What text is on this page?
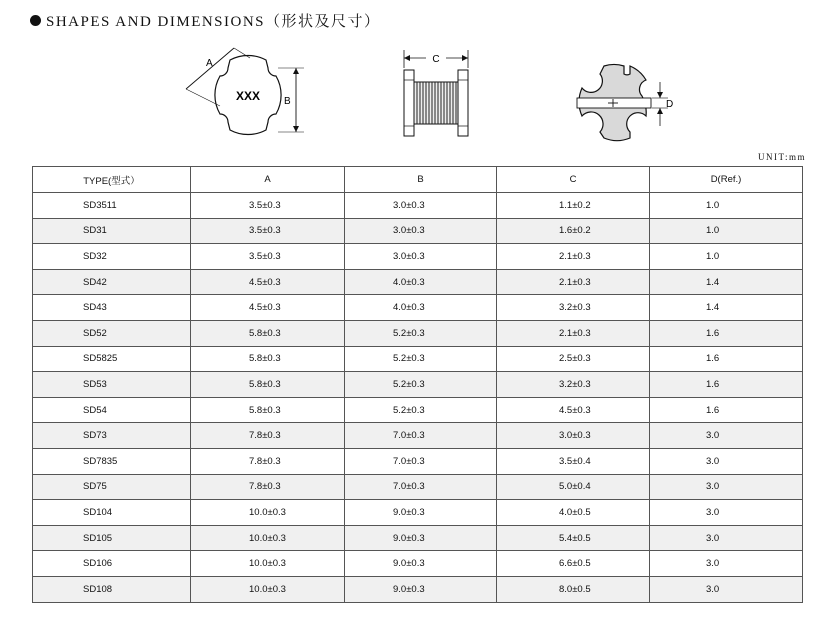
SHAPES AND DIMENSIONS（形状及尺寸）
XXX
A
B
C
D
UNIT:mm
TYPE(型式）	A	B	C	D(Ref.)
SD3511	3.5±0.3	3.0±0.3	1.1±0.2	1.0
SD31	3.5±0.3	3.0±0.3	1.6±0.2	1.0
SD32	3.5±0.3	3.0±0.3	2.1±0.3	1.0
SD42	4.5±0.3	4.0±0.3	2.1±0.3	1.4
SD43	4.5±0.3	4.0±0.3	3.2±0.3	1.4
SD52	5.8±0.3	5.2±0.3	2.1±0.3	1.6
SD5825	5.8±0.3	5.2±0.3	2.5±0.3	1.6
SD53	5.8±0.3	5.2±0.3	3.2±0.3	1.6
SD54	5.8±0.3	5.2±0.3	4.5±0.3	1.6
SD73	7.8±0.3	7.0±0.3	3.0±0.3	3.0
SD7835	7.8±0.3	7.0±0.3	3.5±0.4	3.0
SD75	7.8±0.3	7.0±0.3	5.0±0.4	3.0
SD104	10.0±0.3	9.0±0.3	4.0±0.5	3.0
SD105	10.0±0.3	9.0±0.3	5.4±0.5	3.0
SD106	10.0±0.3	9.0±0.3	6.6±0.5	3.0
SD108	10.0±0.3	9.0±0.3	8.0±0.5	3.0
